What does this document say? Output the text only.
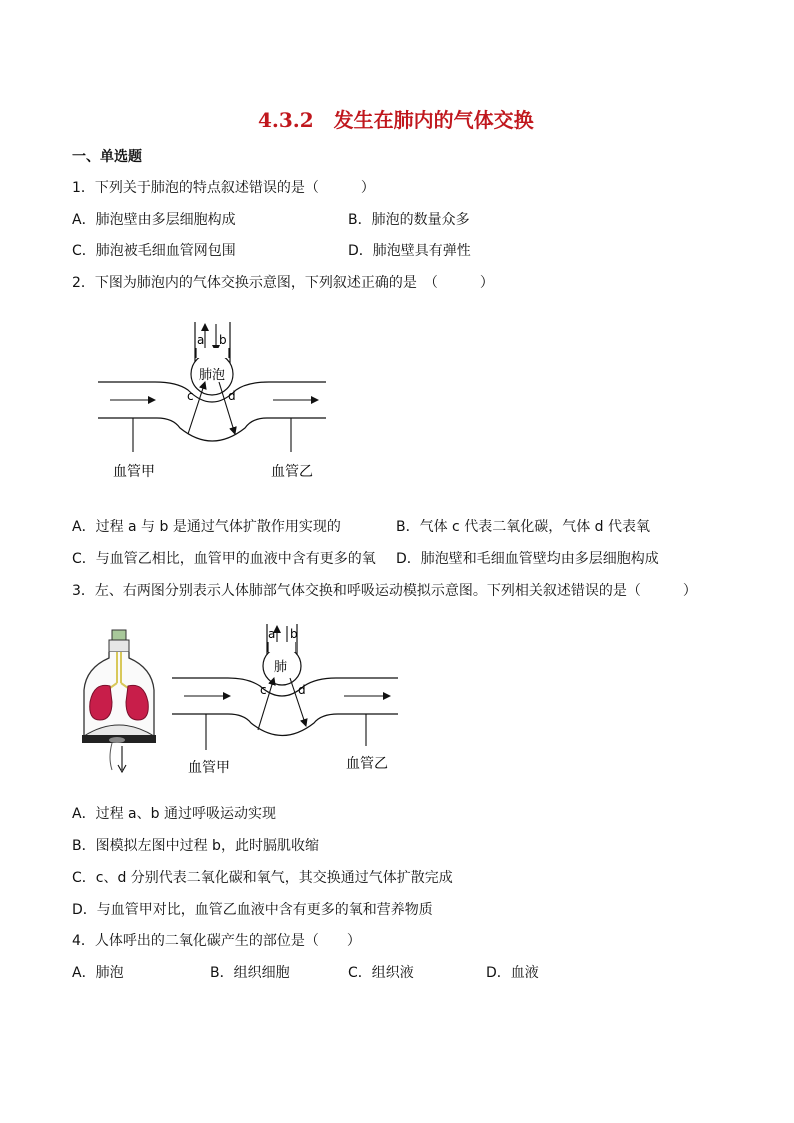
4.3.2　发生在肺内的气体交换
一、单选题
1．下列关于肺泡的特点叙述错误的是（　　　）
A．肺泡壁由多层细胞构成	B．肺泡的数量众多
C．肺泡被毛细血管网包围	D．肺泡壁具有弹性
2．下图为肺泡内的气体交换示意图，下列叙述正确的是　（　　　）
a b
肺泡
c	d
血管甲	血管乙
A．过程 a 与 b 是通过气体扩散作用实现的	B．气体 c 代表二氧化碳，气体 d 代表氧
C．与血管乙相比，血管甲的血液中含有更多的氧 D．肺泡壁和毛细血管壁均由多层细胞构成
3．左、右两图分别表示人体肺部气体交换和呼吸运动模拟示意图。下列相关叙述错误的是（　　　）
a b
肺
c	d
血管甲	血管乙
A．过程 a、b 通过呼吸运动实现
B．图模拟左图中过程 b，此时膈肌收缩
C．c、d 分别代表二氧化碳和氧气，其交换通过气体扩散完成
D．与血管甲对比，血管乙血液中含有更多的氧和营养物质
4．人体呼出的二氧化碳产生的部位是（　　）
A．肺泡	B．组织细胞	C．组织液	D．血液
